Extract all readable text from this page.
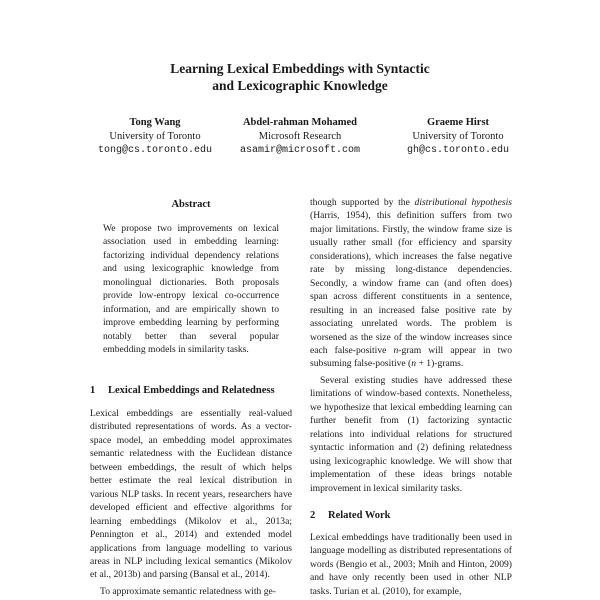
Learning Lexical Embeddings with Syntactic
and Lexicographic Knowledge
Tong Wang
University of Toronto
tong@cs.toronto.edu
Abdel-rahman Mohamed
Microsoft Research
asamir@microsoft.com
Graeme Hirst
University of Toronto
gh@cs.toronto.edu
Abstract
We propose two improvements on lexical association used in embedding learning: factorizing individual dependency relations and using lexicographic knowledge from monolingual dictionaries. Both proposals provide low-entropy lexical co-occurrence information, and are empirically shown to improve embedding learning by performing notably better than several popular embedding models in similarity tasks.
1 Lexical Embeddings and Relatedness

Lexical embeddings are essentially real-valued distributed representations of words. As a vector-space model, an embedding model approximates semantic relatedness with the Euclidean distance between embeddings, the result of which helps better estimate the real lexical distribution in various NLP tasks. In recent years, researchers have developed efficient and effective algorithms for learning embeddings (Mikolov et al., 2013a; Pennington et al., 2014) and extended model applications from language modelling to various areas in NLP including lexical semantics (Mikolov et al., 2013b) and parsing (Bansal et al., 2014).

To approximate semantic relatedness with ge-

though supported by the distributional hypothesis (Harris, 1954), this definition suffers from two major limitations. Firstly, the window frame size is usually rather small (for efficiency and sparsity considerations), which increases the false negative rate by missing long-distance dependencies. Secondly, a window frame can (and often does) span across different constituents in a sentence, resulting in an increased false positive rate by associating unrelated words. The problem is worsened as the size of the window increases since each false-positive n-gram will appear in two subsuming false-positive (n + 1)-grams.

Several existing studies have addressed these limitations of window-based contexts. Nonetheless, we hypothesize that lexical embedding learning can further benefit from (1) factorizing syntactic relations into individual relations for structured syntactic information and (2) defining relatedness using lexicographic knowledge. We will show that implementation of these ideas brings notable improvement in lexical similarity tasks.

2 Related Work

Lexical embeddings have traditionally been used in language modelling as distributed representations of words (Bengio et al., 2003; Mnih and Hinton, 2009) and have only recently been used in other NLP tasks. Turian et al. (2010), for example,
